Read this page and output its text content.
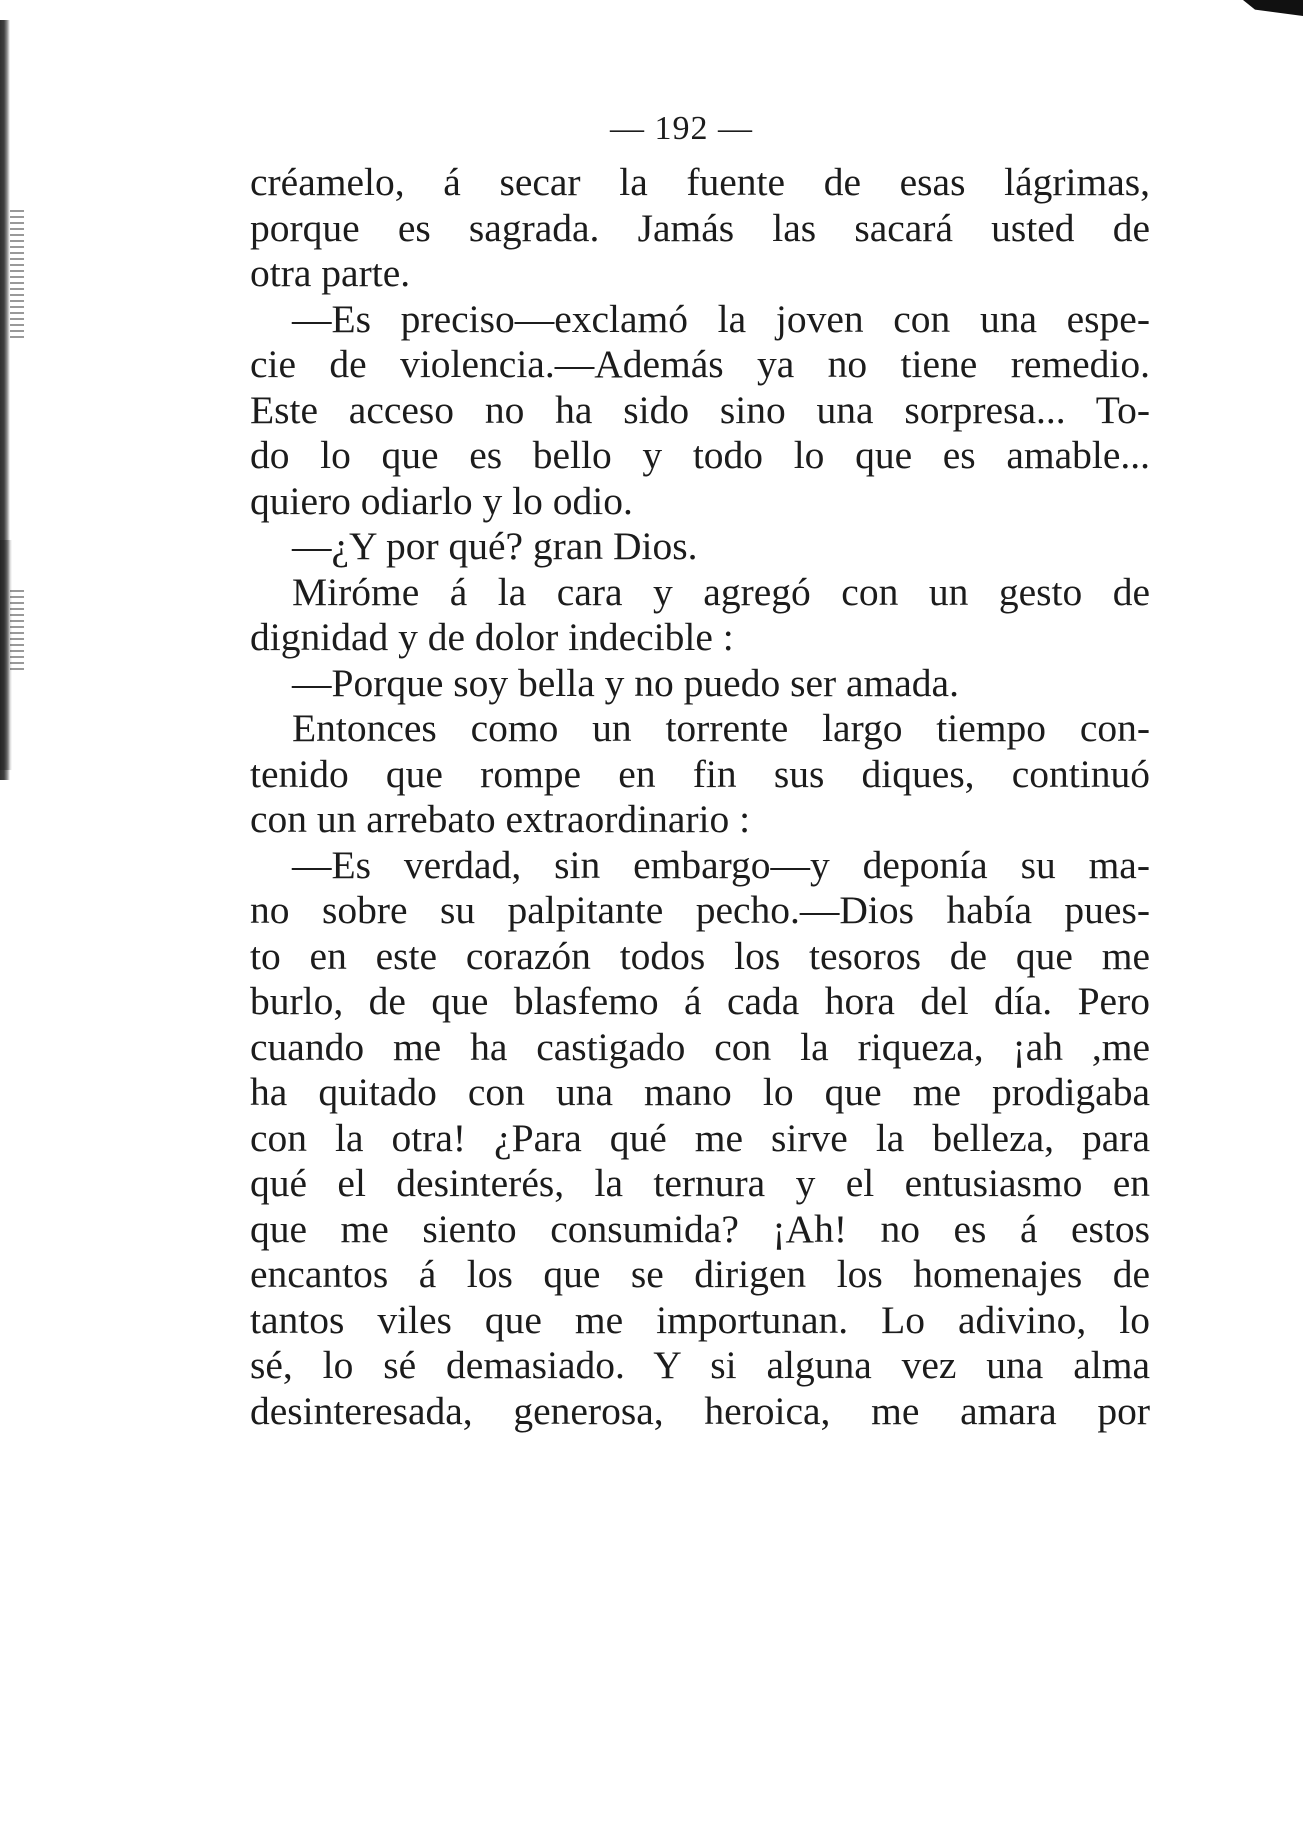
— 192 —
créamelo, á secar la fuente de esas lágrimas,
porque es sagrada. Jamás las sacará usted de
otra parte.
—Es preciso—exclamó la joven con una espe-
cie de violencia.—Además ya no tiene remedio.
Este acceso no ha sido sino una sorpresa... To-
do lo que es bello y todo lo que es amable...
quiero odiarlo y lo odio.
—¿Y por qué? gran Dios.
Miróme á la cara y agregó con un gesto de
dignidad y de dolor indecible :
—Porque soy bella y no puedo ser amada.
Entonces como un torrente largo tiempo con-
tenido que rompe en fin sus diques, continuó
con un arrebato extraordinario :
—Es verdad, sin embargo—y deponía su ma-
no sobre su palpitante pecho.—Dios había pues-
to en este corazón todos los tesoros de que me
burlo, de que blasfemo á cada hora del día. Pero
cuando me ha castigado con la riqueza, ¡ah ,me
ha quitado con una mano lo que me prodigaba
con la otra! ¿Para qué me sirve la belleza, para
qué el desinterés, la ternura y el entusiasmo en
que me siento consumida? ¡Ah! no es á estos
encantos á los que se dirigen los homenajes de
tantos viles que me importunan. Lo adivino, lo
sé, lo sé demasiado. Y si alguna vez una alma
desinteresada, generosa, heroica, me amara por
